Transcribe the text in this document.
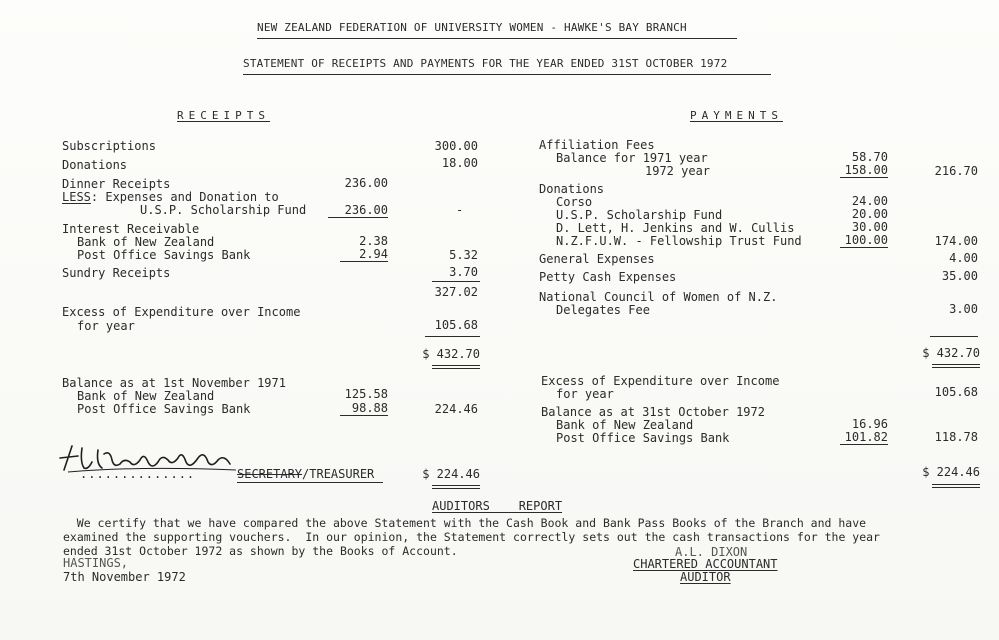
NEW ZEALAND FEDERATION OF UNIVERSITY WOMEN - HAWKE'S BAY BRANCH
STATEMENT OF RECEIPTS AND PAYMENTS FOR THE YEAR ENDED 31ST OCTOBER 1972
RECEIPTS	PAYMENTS
Subscriptions	300.00
Donations	18.00
Dinner Receipts	236.00
LESS: Expenses and Donation to
U.S.P. Scholarship Fund	236.00	-
Interest Receivable
Bank of New Zealand	2.38
Post Office Savings Bank	2.94	5.32
Sundry Receipts	3.70
327.02
Excess of Expenditure over Income
for year	105.68
$ 432.70
Balance as at 1st November 1971
Bank of New Zealand	125.58
Post Office Savings Bank	98.88	224.46
..............	SECRETARY/TREASURER	$ 224.46
Affiliation Fees
Balance for 1971 year	58.70
1972 year	158.00	216.70
Donations
Corso	24.00
U.S.P. Scholarship Fund	20.00
D. Lett, H. Jenkins and W. Cullis	30.00
N.Z.F.U.W. - Fellowship Trust Fund	100.00	174.00
General Expenses	4.00
Petty Cash Expenses	35.00
National Council of Women of N.Z.
Delegates Fee	3.00
$ 432.70
Excess of Expenditure over Income
for year	105.68
Balance as at 31st October 1972
Bank of New Zealand	16.96
Post Office Savings Bank	101.82	118.78
$ 224.46
AUDITORS    REPORT
We certify that we have compared the above Statement with the Cash Book and Bank Pass Books of the Branch and have
examined the supporting vouchers.  In our opinion, the Statement correctly sets out the cash transactions for the year
ended 31st October 1972 as shown by the Books of Account.
HASTINGS,
7th November 1972
A.L. DIXON
CHARTERED ACCOUNTANT
AUDITOR
